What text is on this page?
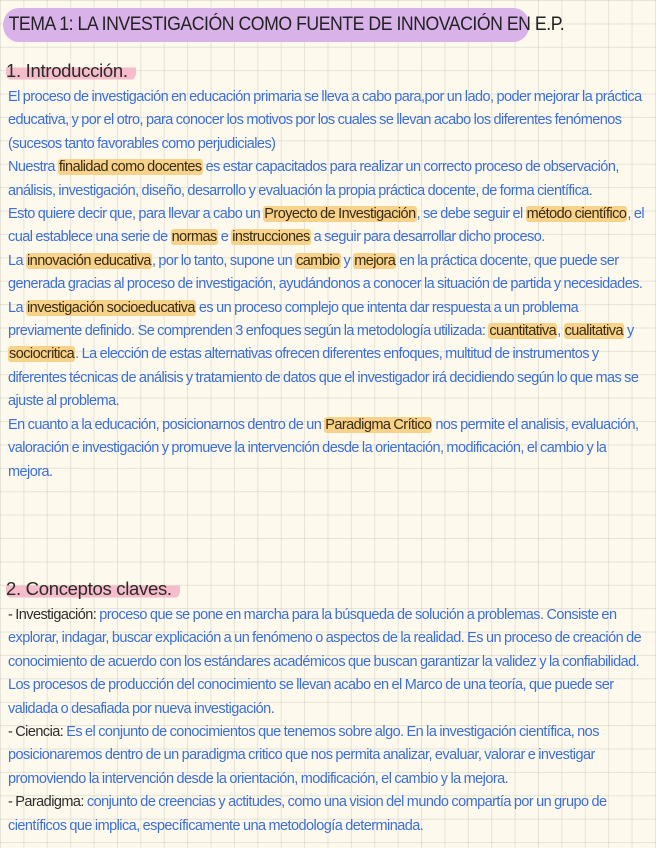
TEMA 1: LA INVESTIGACIÓN COMO FUENTE DE INNOVACIÓN EN E.P.
1. Introducción.

El proceso de investigación en educación primaria se lleva a cabo para,por un lado, poder mejorar la práctica educativa, y por el otro, para conocer los motivos por los cuales se llevan acabo los diferentes fenómenos (sucesos tanto favorables como perjudiciales)

Nuestra finalidad como docentes es estar capacitados para realizar un correcto proceso de observación, análisis, investigación, diseño, desarrollo y evaluación la propia práctica docente, de forma científica.

Esto quiere decir que, para llevar a cabo un Proyecto de Investigación, se debe seguir el método científico, el cual establece una serie de normas e instrucciones a seguir para desarrollar dicho proceso.

La innovación educativa, por lo tanto, supone un cambio y mejora en la práctica docente, que puede ser generada gracias al proceso de investigación, ayudándonos a conocer la situación de partida y necesidades.

La investigación socioeducativa es un proceso complejo que intenta dar respuesta a un problema previamente definido. Se comprenden 3 enfoques según la metodología utilizada: cuantitativa, cualitativa y sociocritica. La elección de estas alternativas ofrecen diferentes enfoques, multitud de instrumentos y diferentes técnicas de análisis y tratamiento de datos que el investigador irá decidiendo según lo que mas se ajuste al problema.

En cuanto a la educación, posicionarnos dentro de un Paradigma Crítico nos permite el analisis, evaluación, valoración e investigación y promueve la intervención desde la orientación, modificación, el cambio y la mejora.

2. Conceptos claves.

- Investigación: proceso que se pone en marcha para la búsqueda de solución a problemas. Consiste en explorar, indagar, buscar explicación a un fenómeno o aspectos de la realidad. Es un proceso de creación de conocimiento de acuerdo con los estándares académicos que buscan garantizar la validez y la confiabilidad. Los procesos de producción del conocimiento se llevan acabo en el Marco de una teoría, que puede ser validada o desafiada por nueva investigación.

- Ciencia: Es el conjunto de conocimientos que tenemos sobre algo. En la investigación científica, nos posicionaremos dentro de un paradigma critico que nos permita analizar, evaluar, valorar e investigar promoviendo la intervención desde la orientación, modificación, el cambio y la mejora.

- Paradigma: conjunto de creencias y actitudes, como una vision del mundo compartía por un grupo de científicos que implica, específicamente una metodología determinada.
